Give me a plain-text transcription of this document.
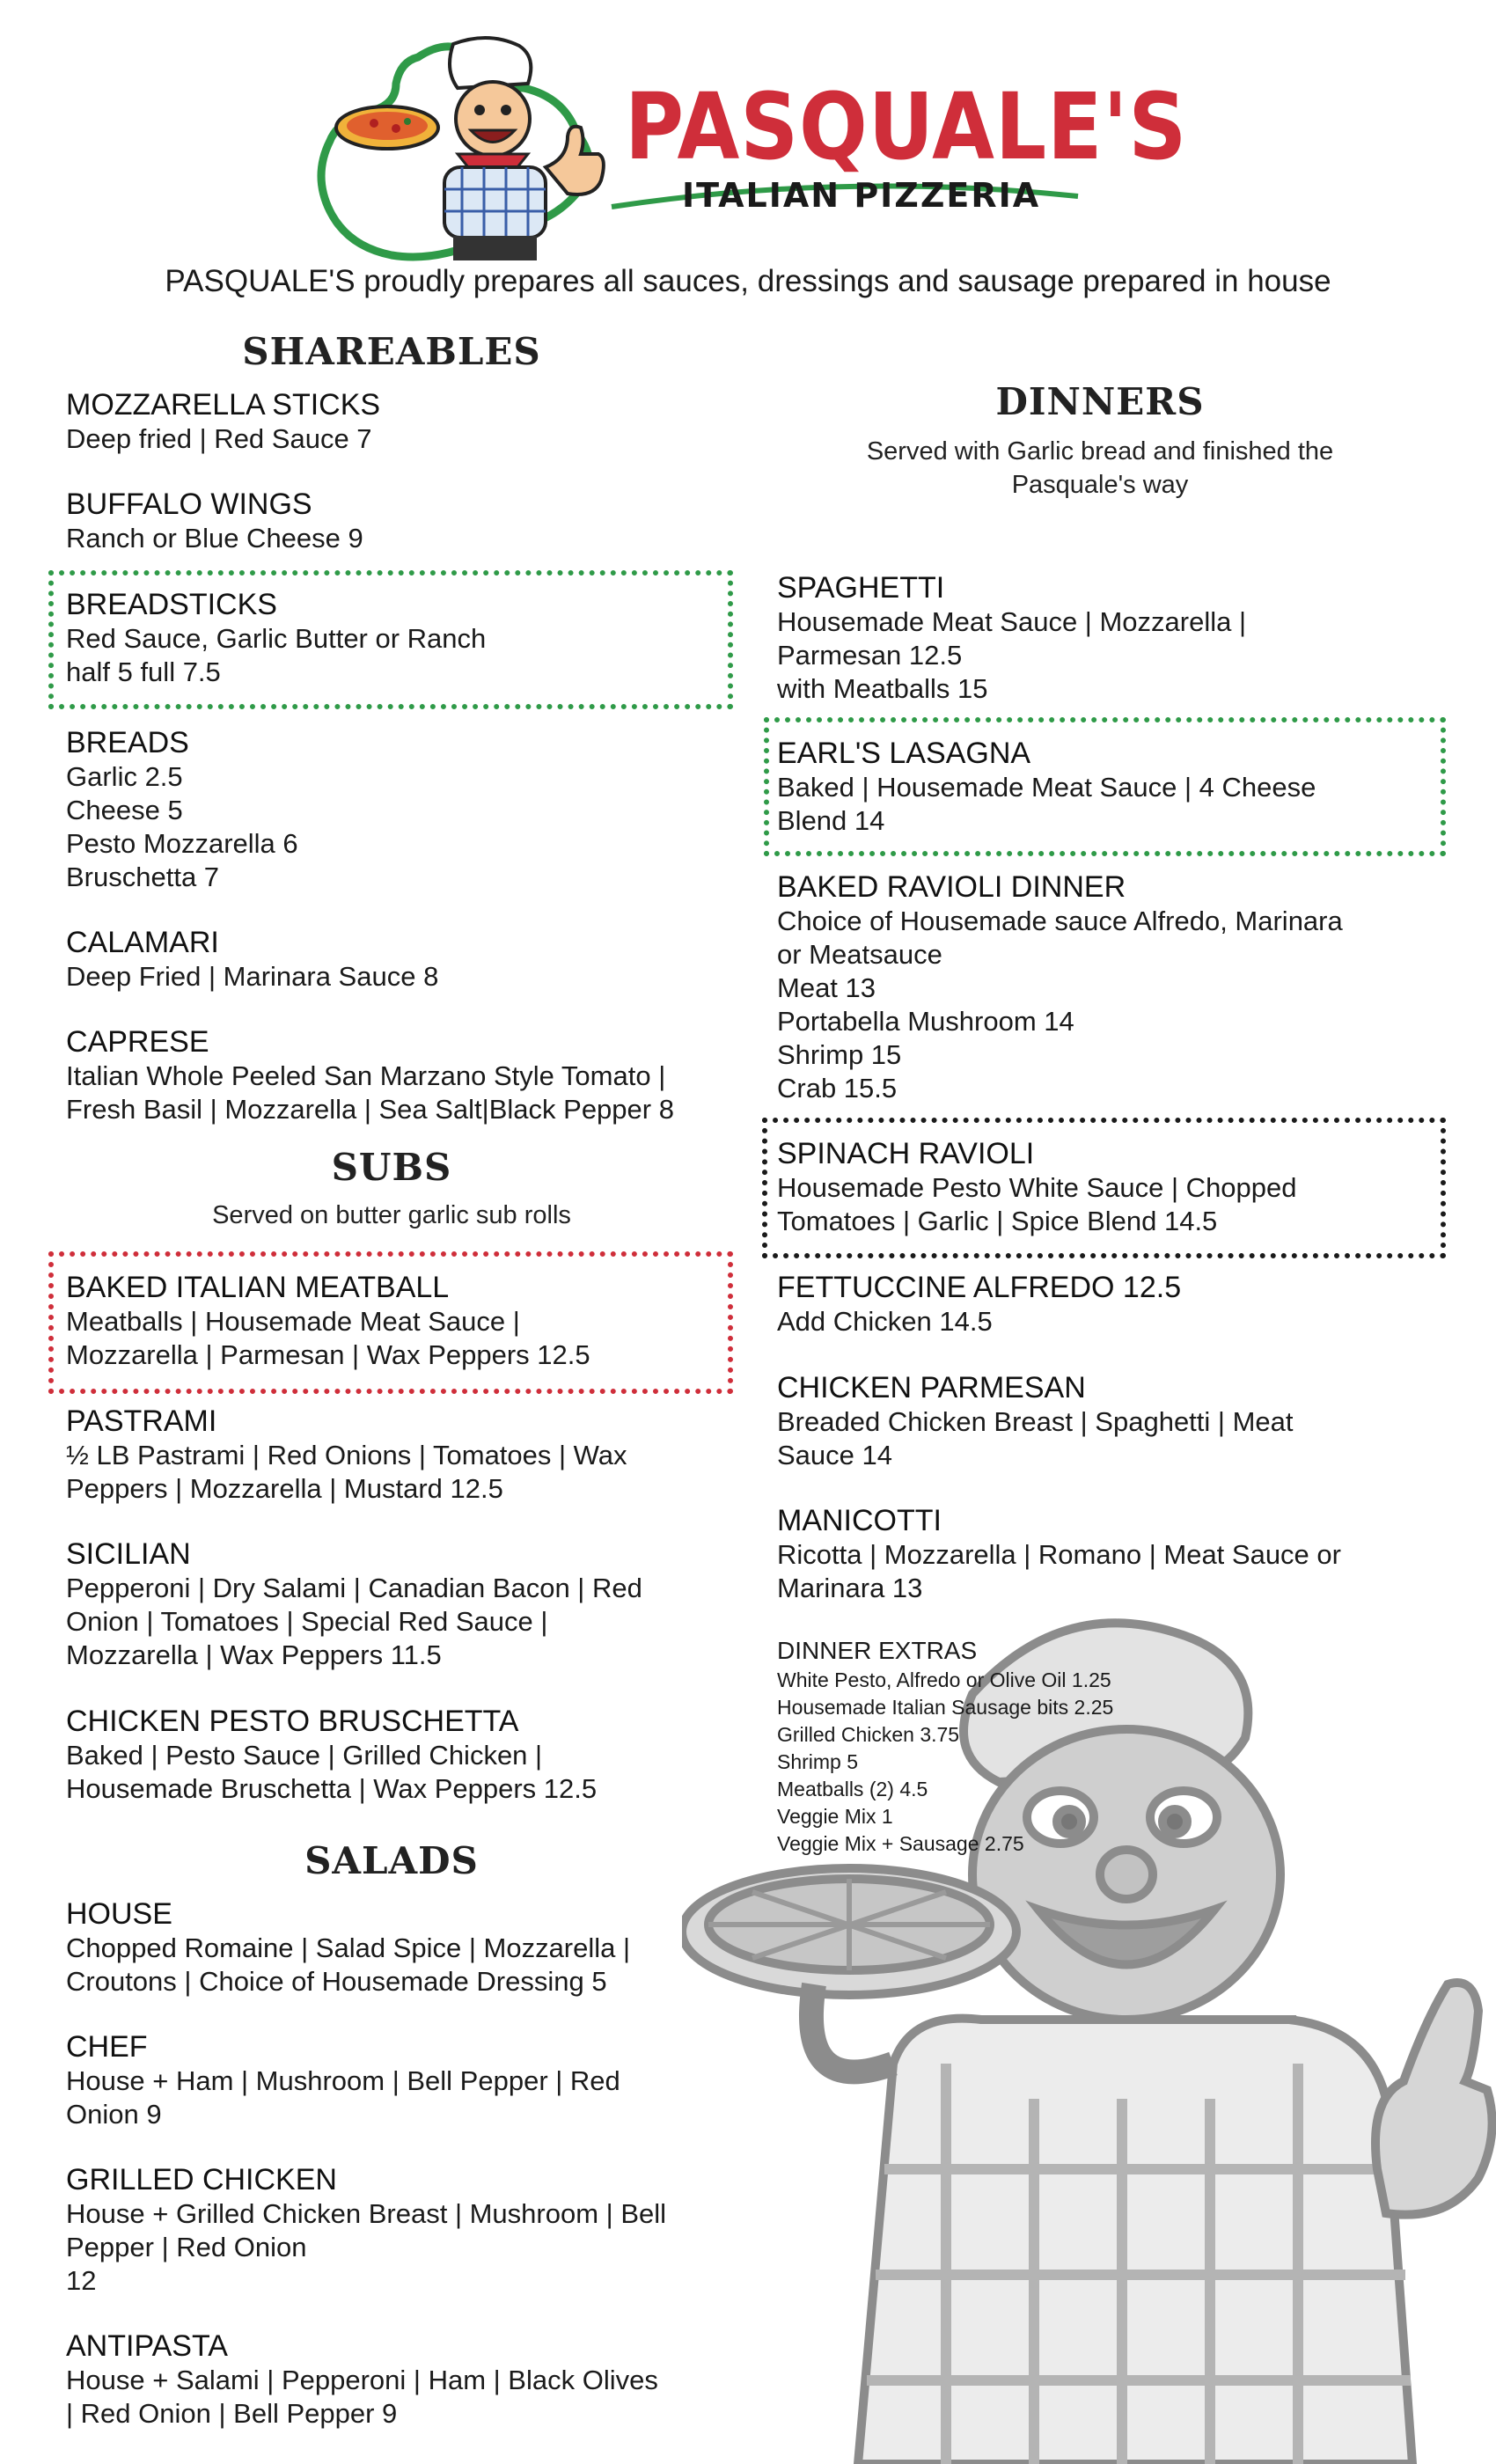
PASQUALE'S
ITALIAN PIZZERIA
PASQUALE'S proudly prepares all sauces, dressings and sausage prepared in house
SHAREABLES
MOZZARELLA STICKS
Deep fried | Red Sauce 7
BUFFALO WINGS
Ranch or Blue Cheese 9
BREADSTICKS
Red Sauce, Garlic Butter or Ranch
half 5 full 7.5
BREADS
Garlic 2.5
Cheese 5
Pesto Mozzarella 6
Bruschetta 7
CALAMARI
Deep Fried | Marinara Sauce 8
CAPRESE
Italian Whole Peeled San Marzano Style Tomato |
Fresh Basil | Mozzarella | Sea Salt|Black Pepper 8
SUBS
Served on butter garlic sub rolls
BAKED ITALIAN MEATBALL
Meatballs | Housemade Meat Sauce |
Mozzarella | Parmesan | Wax Peppers 12.5
PASTRAMI
½ LB Pastrami | Red Onions | Tomatoes | Wax
Peppers | Mozzarella | Mustard 12.5
SICILIAN
Pepperoni | Dry Salami | Canadian Bacon | Red
Onion | Tomatoes | Special Red Sauce |
Mozzarella | Wax Peppers 11.5
CHICKEN PESTO BRUSCHETTA
Baked | Pesto Sauce | Grilled Chicken |
Housemade Bruschetta | Wax Peppers 12.5
SALADS
HOUSE
Chopped Romaine | Salad Spice | Mozzarella |
Croutons | Choice of Housemade Dressing 5
CHEF
House + Ham | Mushroom | Bell Pepper | Red
Onion 9
GRILLED CHICKEN
House + Grilled Chicken Breast | Mushroom | Bell
Pepper | Red Onion
12
ANTIPASTA
House + Salami | Pepperoni | Ham | Black Olives
| Red Onion | Bell Pepper 9
DINNERS
Served with Garlic bread and finished the
Pasquale's way
SPAGHETTI
Housemade Meat Sauce | Mozzarella |
Parmesan 12.5
with Meatballs 15
EARL'S LASAGNA
Baked | Housemade Meat Sauce | 4 Cheese
Blend 14
BAKED RAVIOLI DINNER
Choice of Housemade sauce Alfredo, Marinara
or Meatsauce
Meat 13
Portabella Mushroom 14
Shrimp 15
Crab 15.5
SPINACH RAVIOLI
Housemade Pesto White Sauce | Chopped
Tomatoes | Garlic | Spice Blend 14.5
FETTUCCINE ALFREDO 12.5
Add Chicken 14.5
CHICKEN PARMESAN
Breaded Chicken Breast | Spaghetti | Meat
Sauce 14
MANICOTTI
Ricotta | Mozzarella | Romano | Meat Sauce or
Marinara 13
DINNER EXTRAS
White Pesto, Alfredo or Olive Oil 1.25
Housemade Italian Sausage bits 2.25
Grilled Chicken 3.75
Shrimp 5
Meatballs (2) 4.5
Veggie Mix 1
Veggie Mix + Sausage 2.75
